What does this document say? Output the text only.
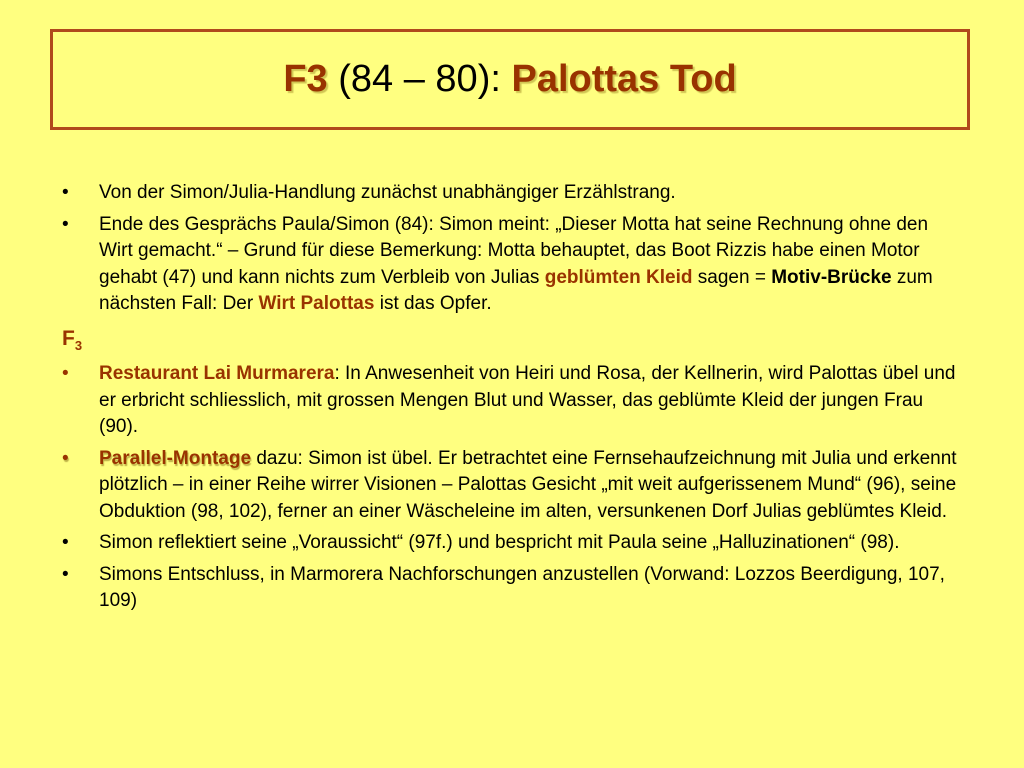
F3 (84 – 80): Palottas Tod
•	Von der Simon/Julia-Handlung zunächst unabhängiger Erzählstrang.
•	Ende des Gesprächs Paula/Simon (84): Simon meint: „Dieser Motta hat seine Rechnung ohne den Wirt gemacht.“ – Grund für diese Bemerkung: Motta behauptet, das Boot Rizzis habe einen Motor gehabt (47) und kann nichts zum Verbleib von Julias geblümten Kleid sagen = Motiv-Brücke zum nächsten Fall: Der Wirt Palottas ist das Opfer.
$F_3$
•	Restaurant Lai Murmarera: In Anwesenheit von Heiri und Rosa, der Kellnerin, wird Palottas übel und er erbricht schliesslich, mit grossen Mengen Blut und Wasser, das geblümte Kleid der jungen Frau (90).
•	Parallel-Montage dazu: Simon ist übel. Er betrachtet eine Fernsehaufzeichnung mit Julia und erkennt plötzlich – in einer Reihe wirrer Visionen – Palottas Gesicht „mit weit aufgerissenem Mund“ (96), seine Obduktion (98, 102), ferner an einer Wäscheleine im alten, versunkenen Dorf Julias geblümtes Kleid.
•	Simon reflektiert seine „Voraussicht“ (97f.) und bespricht mit Paula seine „Halluzinationen“ (98).
•	Simons Entschluss, in Marmorera Nachforschungen anzustellen (Vorwand: Lozzos Beerdigung, 107, 109)
